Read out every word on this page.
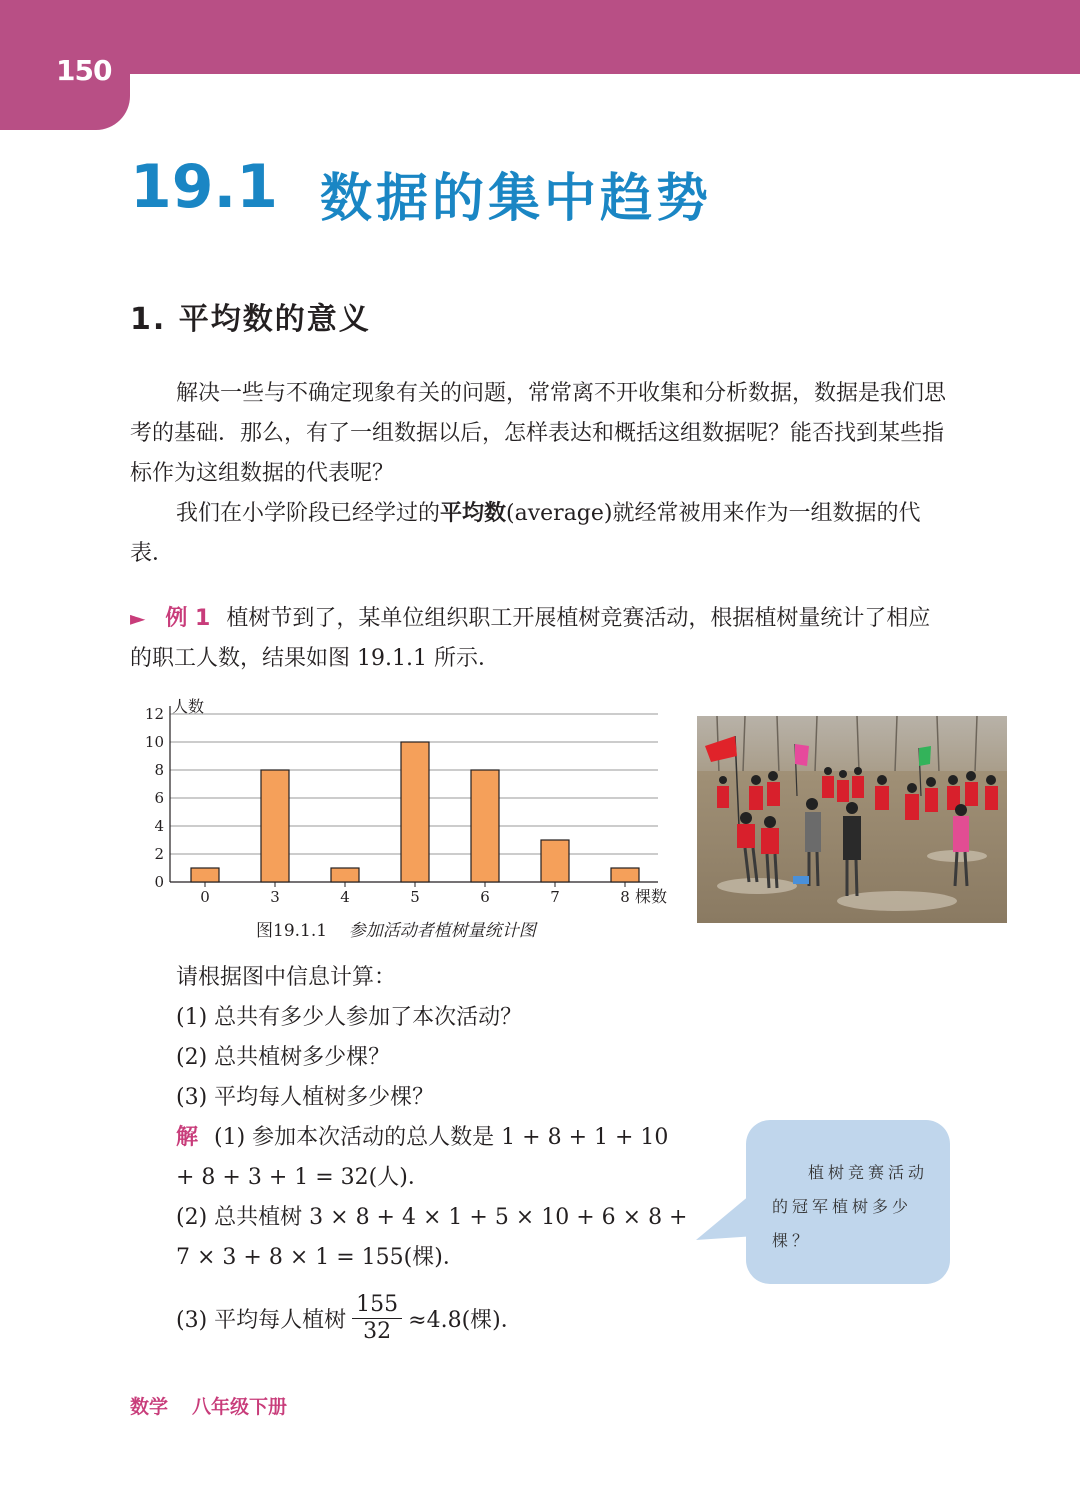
150
19.1 数据的集中趋势
1. 平均数的意义

解决一些与不确定现象有关的问题，常常离不开收集和分析数据，数据是我们思考的基础．那么，有了一组数据以后，怎样表达和概括这组数据呢？能否找到某些指标作为这组数据的代表呢？

我们在小学阶段已经学过的平均数(average)就经常被用来作为一组数据的代表．

► 例 1 植树节到了，某单位组织职工开展植树竞赛活动，根据植树量统计了相应的职工人数，结果如图 19.1.1 所示．
0
2
4
6
8
10
12 人数
0	3	4	5	6	7	8 棵数
图19.1.1 参加活动者植树量统计图
请根据图中信息计算：
(1) 总共有多少人参加了本次活动？
(2) 总共植树多少棵？
(3) 平均每人植树多少棵？
解 (1) 参加本次活动的总人数是 1 + 8 + 1 + 10 + 8 + 3 + 1 = 32(人)．
(2) 总共植树 3 × 8 + 4 × 1 + 5 × 10 + 6 × 8 + 7 × 3 + 8 × 1 = 155(棵)．
(3) 平均每人植树 $\frac{155}{32} \approx 4.8$(棵)．
植树竞赛活动
的冠军植树多少
棵？
数学 八年级下册
